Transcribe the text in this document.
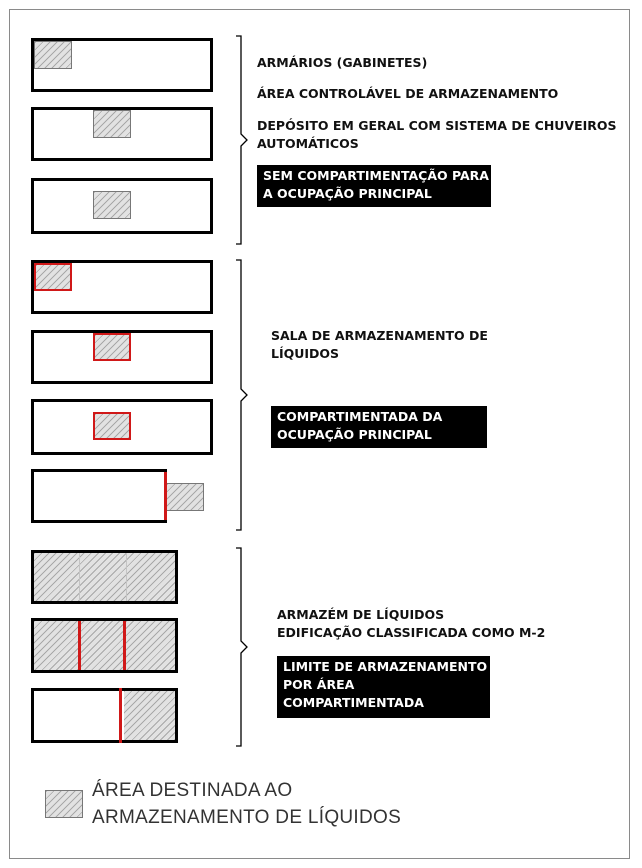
ARMÁRIOS (GABINETES)

ÁREA CONTROLÁVEL DE ARMAZENAMENTO

DEPÓSITO EM GERAL COM SISTEMA DE CHUVEIROS

AUTOMÁTICOS

SEM COMPARTIMENTAÇÃO PARA
A OCUPAÇÃO PRINCIPAL

SALA DE ARMAZENAMENTO DE

LÍQUIDOS

COMPARTIMENTADA DA
OCUPAÇÃO PRINCIPAL

ARMAZÉM DE LÍQUIDOS

EDIFICAÇÃO CLASSIFICADA COMO M-2

LIMITE DE ARMAZENAMENTO
POR ÁREA
COMPARTIMENTADA
ÁREA DESTINADA AO
ARMAZENAMENTO DE LÍQUIDOS
